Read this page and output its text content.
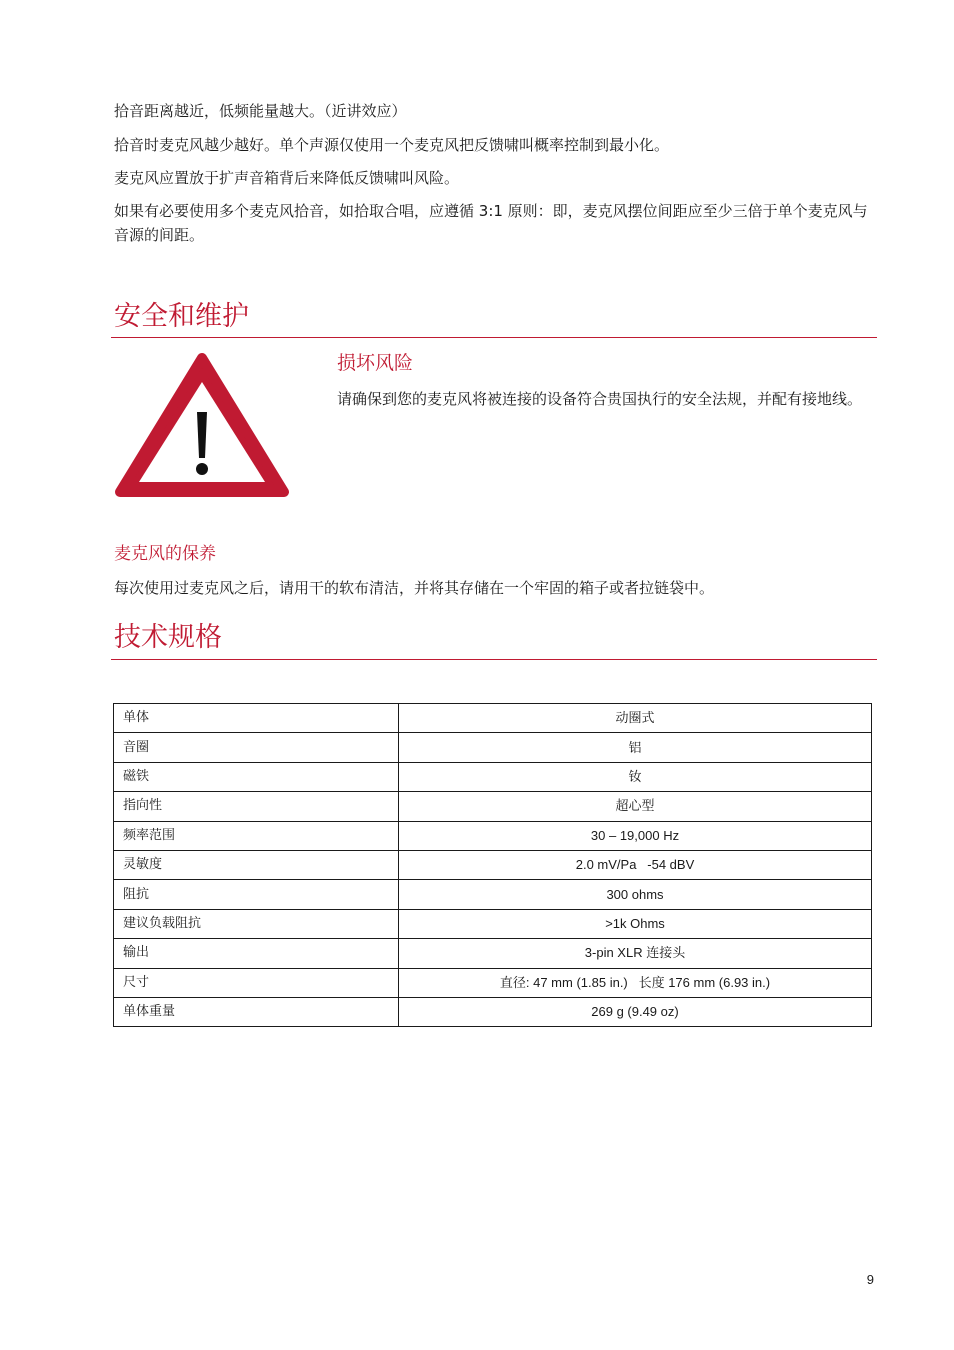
拾音距离越近，低频能量越大。（近讲效应）

拾音时麦克风越少越好。单个声源仅使用一个麦克风把反馈啸叫概率控制到最小化。

麦克风应置放于扩声音箱背后来降低反馈啸叫风险。

如果有必要使用多个麦克风拾音，如拾取合唱，应遵循 3:1 原则：即，麦克风摆位间距应至少三倍于单个麦克风与音源的间距。

安全和维护
损坏风险

请确保到您的麦克风将被连接的设备符合贵国执行的安全法规，并配有接地线。

麦克风的保养

每次使用过麦克风之后，请用干的软布清洁，并将其存储在一个牢固的箱子或者拉链袋中。

技术规格
单体	动圈式
音圈	铝
磁铁	钕
指向性	超心型
频率范围	30 – 19,000 Hz
灵敏度	2.0 mV/Pa   -54 dBV
阻抗	300 ohms
建议负载阻抗	>1k Ohms
输出	3-pin XLR 连接头
尺寸	直径: 47 mm (1.85 in.)   长度 176 mm (6.93 in.)
单体重量	269 g (9.49 oz)
9
